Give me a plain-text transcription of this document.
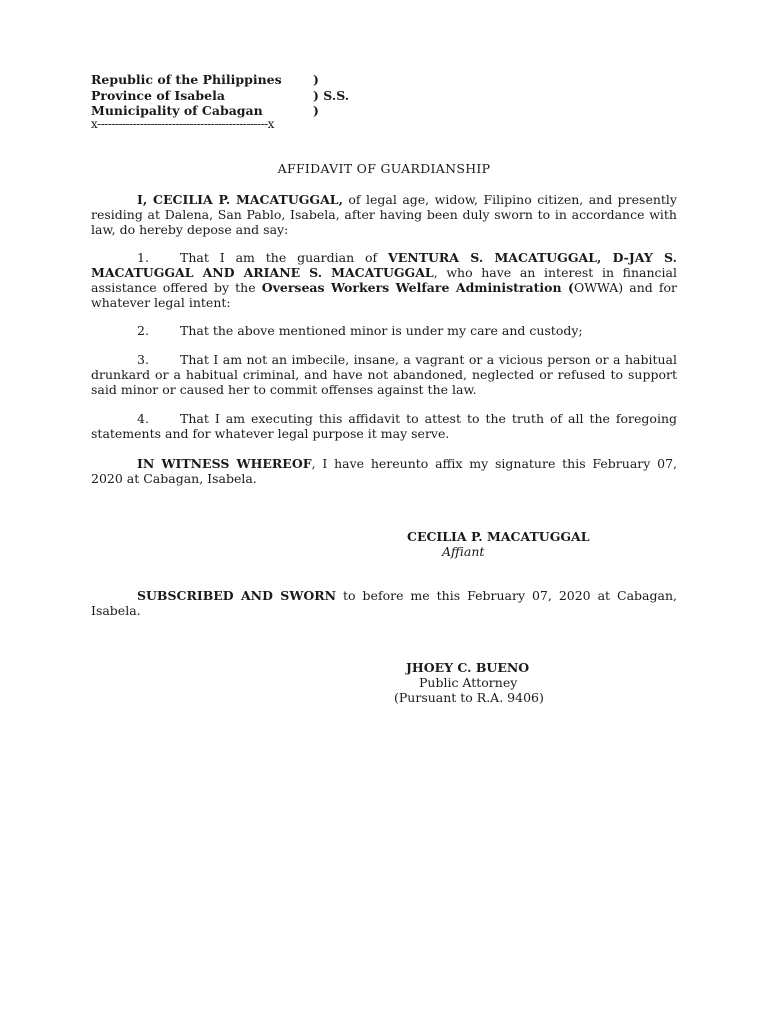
Republic of the Philippines	)
Province of Isabela	) S.S.
Municipality of Cabagan	)
x------------------------------------------------x
AFFIDAVIT OF GUARDIANSHIP
I, CECILIA P. MACATUGGAL, of legal age, widow, Filipino citizen, and presently residing at Dalena, San Pablo, Isabela, after having been duly sworn to in accordance with law, do hereby depose and say:
1. That I am the guardian of VENTURA S. MACATUGGAL, D-JAY S. MACATUGGAL AND ARIANE S. MACATUGGAL, who have an interest in financial assistance offered by the Overseas Workers Welfare Administration (OWWA) and for whatever legal intent:
2. That the above mentioned minor is under my care and custody;
3. That I am not an imbecile, insane, a vagrant or a vicious person or a habitual drunkard or a habitual criminal, and have not abandoned, neglected or refused to support said minor or caused her to commit offenses against the law.
4. That I am executing this affidavit to attest to the truth of all the foregoing statements and for whatever legal purpose it may serve.
IN WITNESS WHEREOF, I have hereunto affix my signature this February 07, 2020 at Cabagan, Isabela.
CECILIA P. MACATUGGAL
Affiant
SUBSCRIBED AND SWORN to before me this February 07, 2020 at Cabagan, Isabela.
JHOEY C. BUENO
Public Attorney
(Pursuant to R.A. 9406)
